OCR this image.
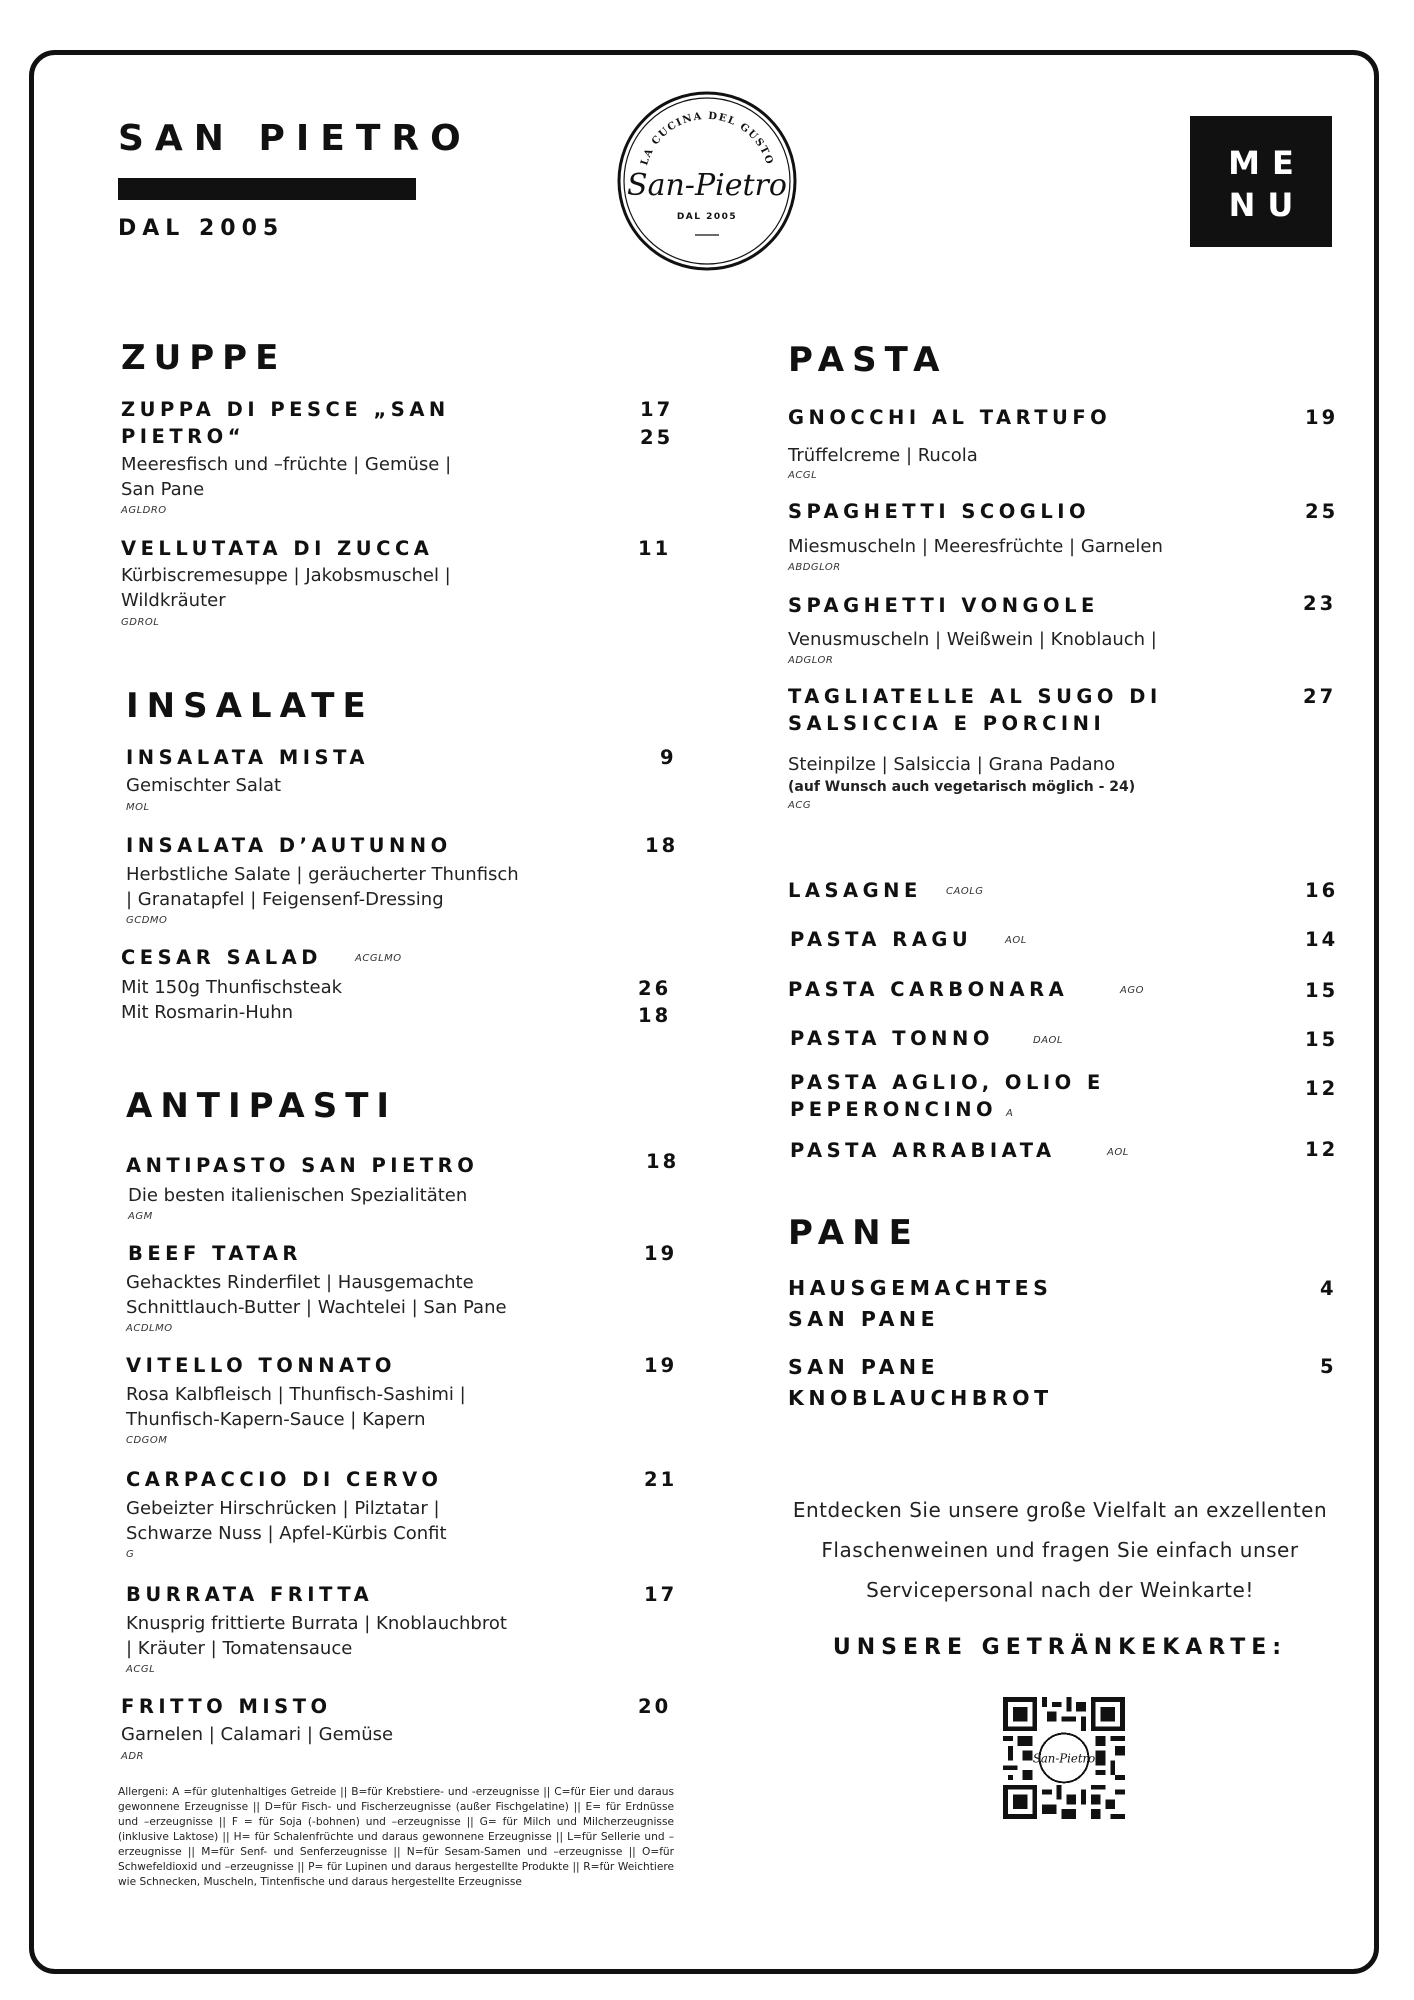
SAN PIETRO
DAL 2005
LA CUCINA DEL GUSTO
San-Pietro
DAL 2005
ME
NU
ZUPPE
ZUPPA DI PESCE „SAN
PIETRO“
17
25
Meeresfisch und –früchte | Gemüse |
San Pane
AGLDRO
VELLUTATA DI ZUCCA	11
Kürbiscremesuppe | Jakobsmuschel |
Wildkräuter
GDROL
INSALATE
INSALATA MISTA	9
Gemischter Salat
MOL
INSALATA D’AUTUNNO	18
Herbstliche Salate | geräucherter Thunfisch
| Granatapfel | Feigensenf-Dressing
GCDMO
CESAR SALAD	ACGLMO
Mit 150g Thunfischsteak	26
Mit Rosmarin-Huhn	18
ANTIPASTI
ANTIPASTO SAN PIETRO	18
Die besten italienischen Spezialitäten
AGM
BEEF TATAR	19
Gehacktes Rinderfilet | Hausgemachte
Schnittlauch-Butter | Wachtelei | San Pane
ACDLMO
VITELLO TONNATO	19
Rosa Kalbfleisch | Thunfisch-Sashimi |
Thunfisch-Kapern-Sauce | Kapern
CDGOM
CARPACCIO DI CERVO	21
Gebeizter Hirschrücken | Pilztatar |
Schwarze Nuss | Apfel-Kürbis Confit
G
BURRATA FRITTA	17
Knusprig frittierte Burrata | Knoblauchbrot
| Kräuter | Tomatensauce
ACGL
FRITTO MISTO	20
Garnelen | Calamari | Gemüse
ADR
Allergeni: A =für glutenhaltiges Getreide || B=für Krebstiere- und -erzeugnisse || C=für Eier und daraus gewonnene Erzeugnisse || D=für Fisch- und Fischerzeugnisse (außer Fischgelatine) || E= für Erdnüsse und –erzeugnisse || F = für Soja (-bohnen) und –erzeugnisse || G= für Milch und Milcherzeugnisse (inklusive Laktose) || H= für Schalenfrüchte und daraus gewonnene Erzeugnisse || L=für Sellerie und –erzeugnisse || M=für Senf- und Senferzeugnisse || N=für Sesam-Samen und –erzeugnisse || O=für Schwefeldioxid und –erzeugnisse || P= für Lupinen und daraus hergestellte Produkte || R=für Weichtiere wie Schnecken, Muscheln, Tintenfische und daraus hergestellte Erzeugnisse
PASTA
GNOCCHI AL TARTUFO	19
Trüffelcreme | Rucola
ACGL
SPAGHETTI SCOGLIO	25
Miesmuscheln | Meeresfrüchte | Garnelen
ABDGLOR
SPAGHETTI VONGOLE	23
Venusmuscheln | Weißwein | Knoblauch |
ADGLOR
TAGLIATELLE AL SUGO DI
SALSICCIA E PORCINI
27
Steinpilze | Salsiccia | Grana Padano
(auf Wunsch auch vegetarisch möglich - 24)
ACG
LASAGNE CAOLG	16
PASTA RAGU	AOL	14
PASTA CARBONARA	AGO	15
PASTA TONNO	DAOL	15
PASTA AGLIO, OLIO E
PEPERONCINO A
12
PASTA ARRABIATA	AOL	12
PANE
HAUSGEMACHTES
SAN PANE
4
SAN PANE
KNOBLAUCHBROT
5
Entdecken Sie unsere große Vielfalt an exzellenten
Flaschenweinen und fragen Sie einfach unser
Servicepersonal nach der Weinkarte!
UNSERE GETRÄNKEKARTE:
San-Pietro
